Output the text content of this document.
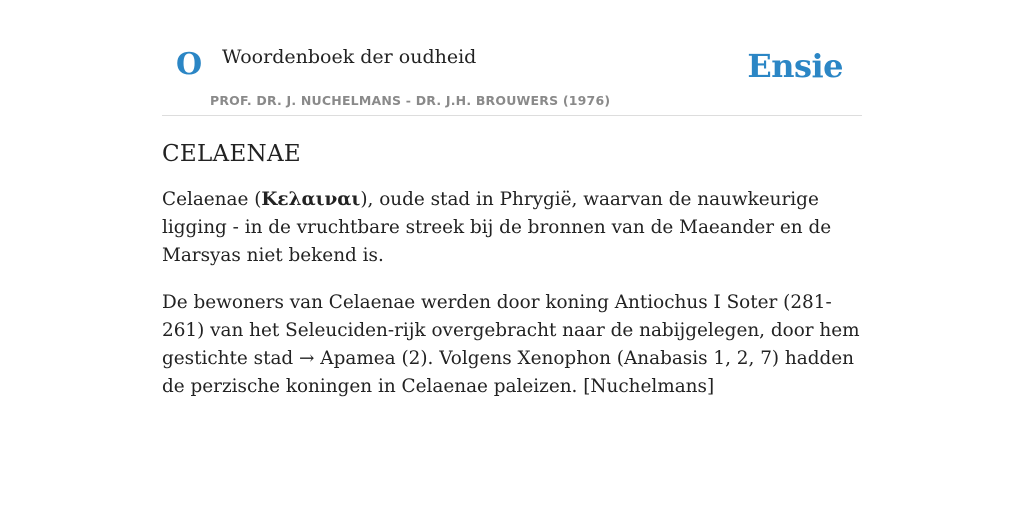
O Woordenboek der oudheid
PROF. DR. J. NUCHELMANS - DR. J.H. BROUWERS (1976)
Ensie
CELAENAE

Celaenae (Κελαιναι), oude stad in Phrygië, waarvan de nauwkeurige ligging - in de vruchtbare streek bij de bronnen van de Maeander en de Marsyas niet bekend is.

De bewoners van Celaenae werden door koning Antiochus I Soter (281-261) van het Seleuciden-rijk overgebracht naar de nabijgelegen, door hem gestichte stad → Apamea (2). Volgens Xenophon (Anabasis 1, 2, 7) hadden de perzische koningen in Celaenae paleizen. [Nuchelmans]
